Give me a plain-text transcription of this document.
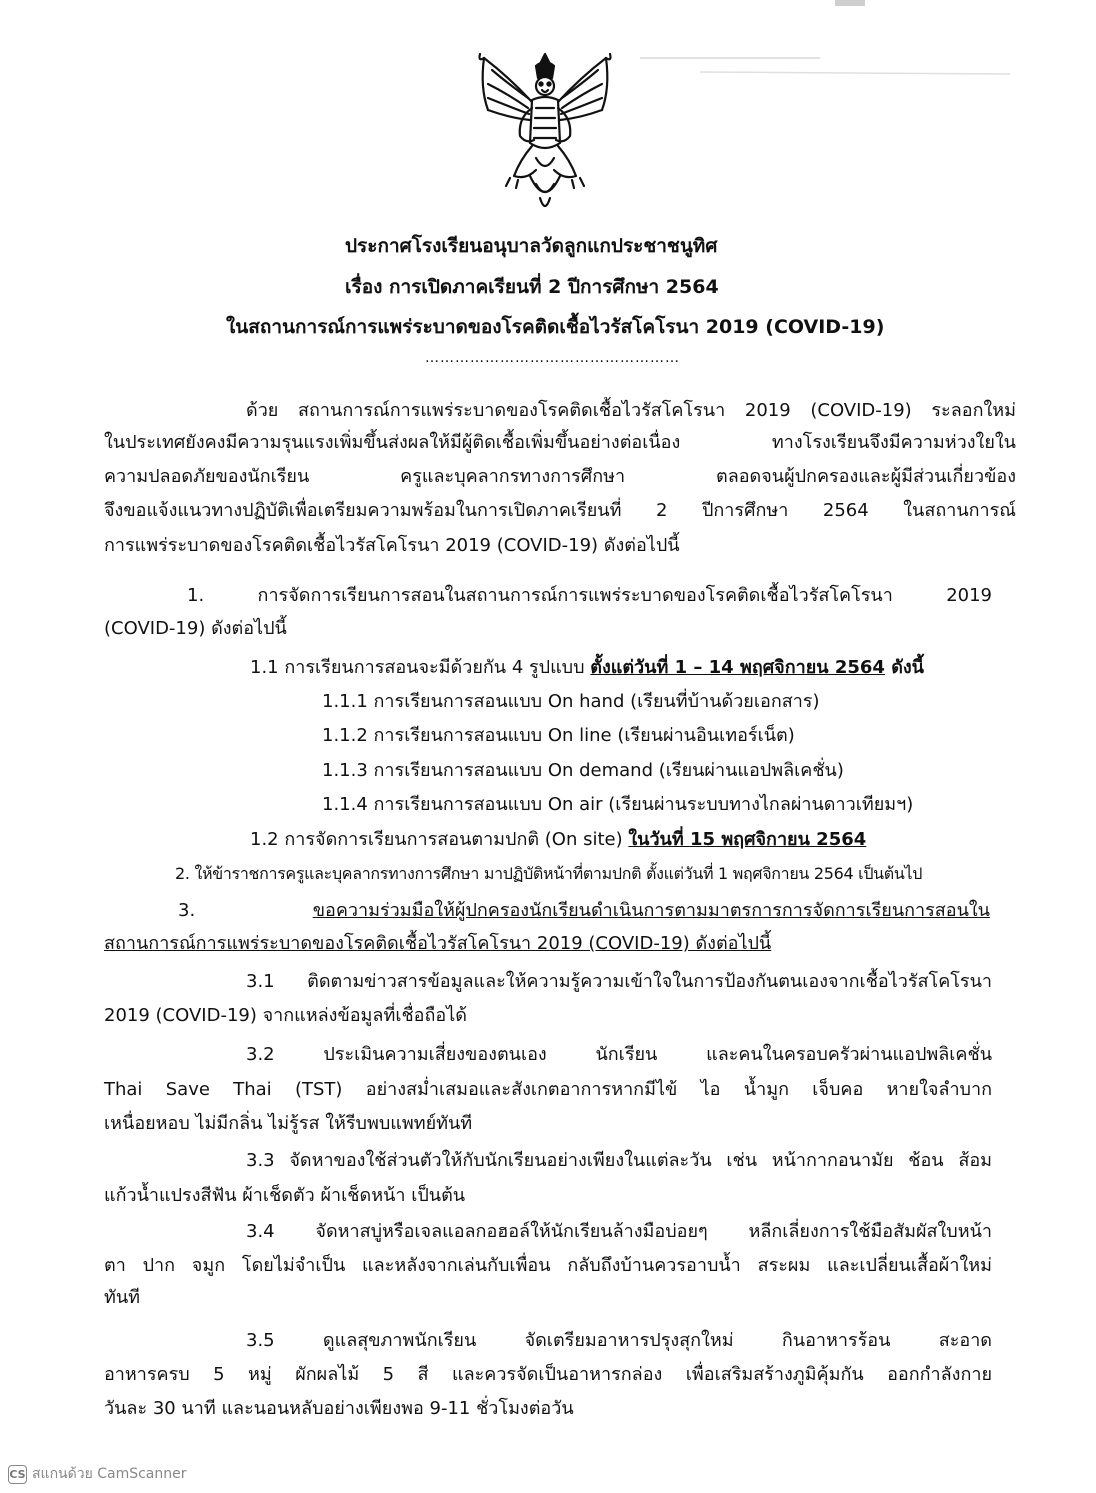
ประกาศโรงเรียนอนุบาลวัดลูกแกประชาชนูทิศ
เรื่อง การเปิดภาคเรียนที่ 2 ปีการศึกษา 2564
ในสถานการณ์การแพร่ระบาดของโรคติดเชื้อไวรัสโคโรนา 2019 (COVID-19)
……………………………………………
ด้วย สถานการณ์การแพร่ระบาดของโรคติดเชื้อไวรัสโคโรนา 2019 (COVID-19) ระลอกใหม่
ในประเทศยังคงมีความรุนแรงเพิ่มขึ้นส่งผลให้มีผู้ติดเชื้อเพิ่มขึ้นอย่างต่อเนื่อง ทางโรงเรียนจึงมีความห่วงใยใน
ความปลอดภัยของนักเรียน ครูและบุคลากรทางการศึกษา ตลอดจนผู้ปกครองและผู้มีส่วนเกี่ยวข้อง
จึงขอแจ้งแนวทางปฏิบัติเพื่อเตรียมความพร้อมในการเปิดภาคเรียนที่ 2 ปีการศึกษา 2564 ในสถานการณ์
การแพร่ระบาดของโรคติดเชื้อไวรัสโคโรนา 2019 (COVID-19) ดังต่อไปนี้
1. การจัดการเรียนการสอนในสถานการณ์การแพร่ระบาดของโรคติดเชื้อไวรัสโคโรนา 2019
(COVID-19) ดังต่อไปนี้
1.1 การเรียนการสอนจะมีด้วยกัน 4 รูปแบบ ตั้งแต่วันที่ 1 – 14 พฤศจิกายน 2564 ดังนี้
1.1.1 การเรียนการสอนแบบ On hand (เรียนที่บ้านด้วยเอกสาร)
1.1.2 การเรียนการสอนแบบ On line (เรียนผ่านอินเทอร์เน็ต)
1.1.3 การเรียนการสอนแบบ On demand (เรียนผ่านแอปพลิเคชั่น)
1.1.4 การเรียนการสอนแบบ On air (เรียนผ่านระบบทางไกลผ่านดาวเทียมฯ)
1.2 การจัดการเรียนการสอนตามปกติ (On site) ในวันที่ 15 พฤศจิกายน 2564
2. ให้ข้าราชการครูและบุคลากรทางการศึกษา มาปฏิบัติหน้าที่ตามปกติ ตั้งแต่วันที่ 1 พฤศจิกายน 2564 เป็นต้นไป
3. ขอความร่วมมือให้ผู้ปกครองนักเรียนดำเนินการตามมาตรการการจัดการเรียนการสอนใน
สถานการณ์การแพร่ระบาดของโรคติดเชื้อไวรัสโคโรนา 2019 (COVID-19) ดังต่อไปนี้
3.1 ติดตามข่าวสารข้อมูลและให้ความรู้ความเข้าใจในการป้องกันตนเองจากเชื้อไวรัสโคโรนา
2019 (COVID-19) จากแหล่งข้อมูลที่เชื่อถือได้
3.2 ประเมินความเสี่ยงของตนเอง นักเรียน และคนในครอบครัวผ่านแอปพลิเคชั่น
Thai Save Thai (TST) อย่างสม่ำเสมอและสังเกตอาการหากมีไข้ ไอ น้ำมูก เจ็บคอ หายใจลำบาก
เหนื่อยหอบ ไม่มีกลิ่น ไม่รู้รส ให้รีบพบแพทย์ทันที
3.3 จัดหาของใช้ส่วนตัวให้กับนักเรียนอย่างเพียงในแต่ละวัน เช่น หน้ากากอนามัย ช้อน ส้อม
แก้วน้ำแปรงสีฟัน ผ้าเช็ดตัว ผ้าเช็ดหน้า เป็นต้น
3.4 จัดหาสบู่หรือเจลแอลกอฮอล์ให้นักเรียนล้างมือบ่อยๆ หลีกเลี่ยงการใช้มือสัมผัสใบหน้า
ตา ปาก จมูก โดยไม่จำเป็น และหลังจากเล่นกับเพื่อน กลับถึงบ้านควรอาบน้ำ สระผม และเปลี่ยนเสื้อผ้าใหม่
ทันที
3.5 ดูแลสุขภาพนักเรียน จัดเตรียมอาหารปรุงสุกใหม่ กินอาหารร้อน สะอาด
อาหารครบ 5 หมู่ ผักผลไม้ 5 สี และควรจัดเป็นอาหารกล่อง เพื่อเสริมสร้างภูมิคุ้มกัน ออกกำลังกาย
วันละ 30 นาที และนอนหลับอย่างเพียงพอ 9-11 ชั่วโมงต่อวัน
CS สแกนด้วย CamScanner
